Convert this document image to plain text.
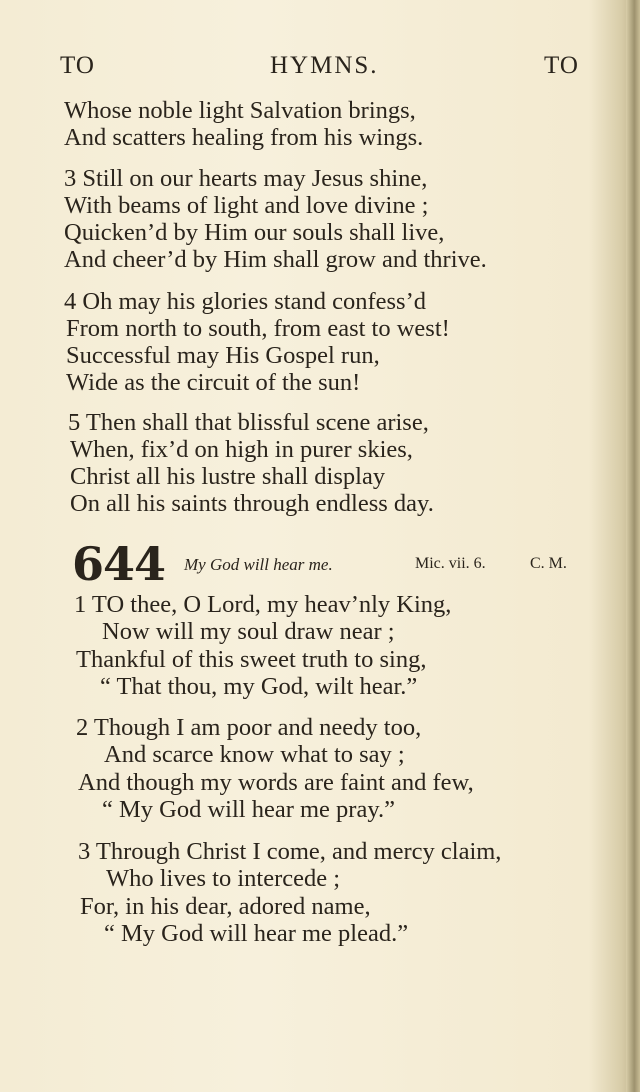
TO	HYMNS.	TO
Whose noble light Salvation brings,
And scatters healing from his wings.
3 Still on our hearts may Jesus shine,
With beams of light and love divine ;
Quicken’d by Him our souls shall live,
And cheer’d by Him shall grow and thrive.
4 Oh may his glories stand confess’d
From north to south, from east to west!
Successful may His Gospel run,
Wide as the circuit of the sun!
5 Then shall that blissful scene arise,
When, fix’d on high in purer skies,
Christ all his lustre shall display
On all his saints through endless day.
644 My God will hear me.	Mic. vii. 6.	C. M.
1 TO thee, O Lord, my heav’nly King,
Now will my soul draw near ;
Thankful of this sweet truth to sing,
“ That thou, my God, wilt hear.”
2 Though I am poor and needy too,
And scarce know what to say ;
And though my words are faint and few,
“ My God will hear me pray.”
3 Through Christ I come, and mercy claim,
Who lives to intercede ;
For, in his dear, adored name,
“ My God will hear me plead.”
